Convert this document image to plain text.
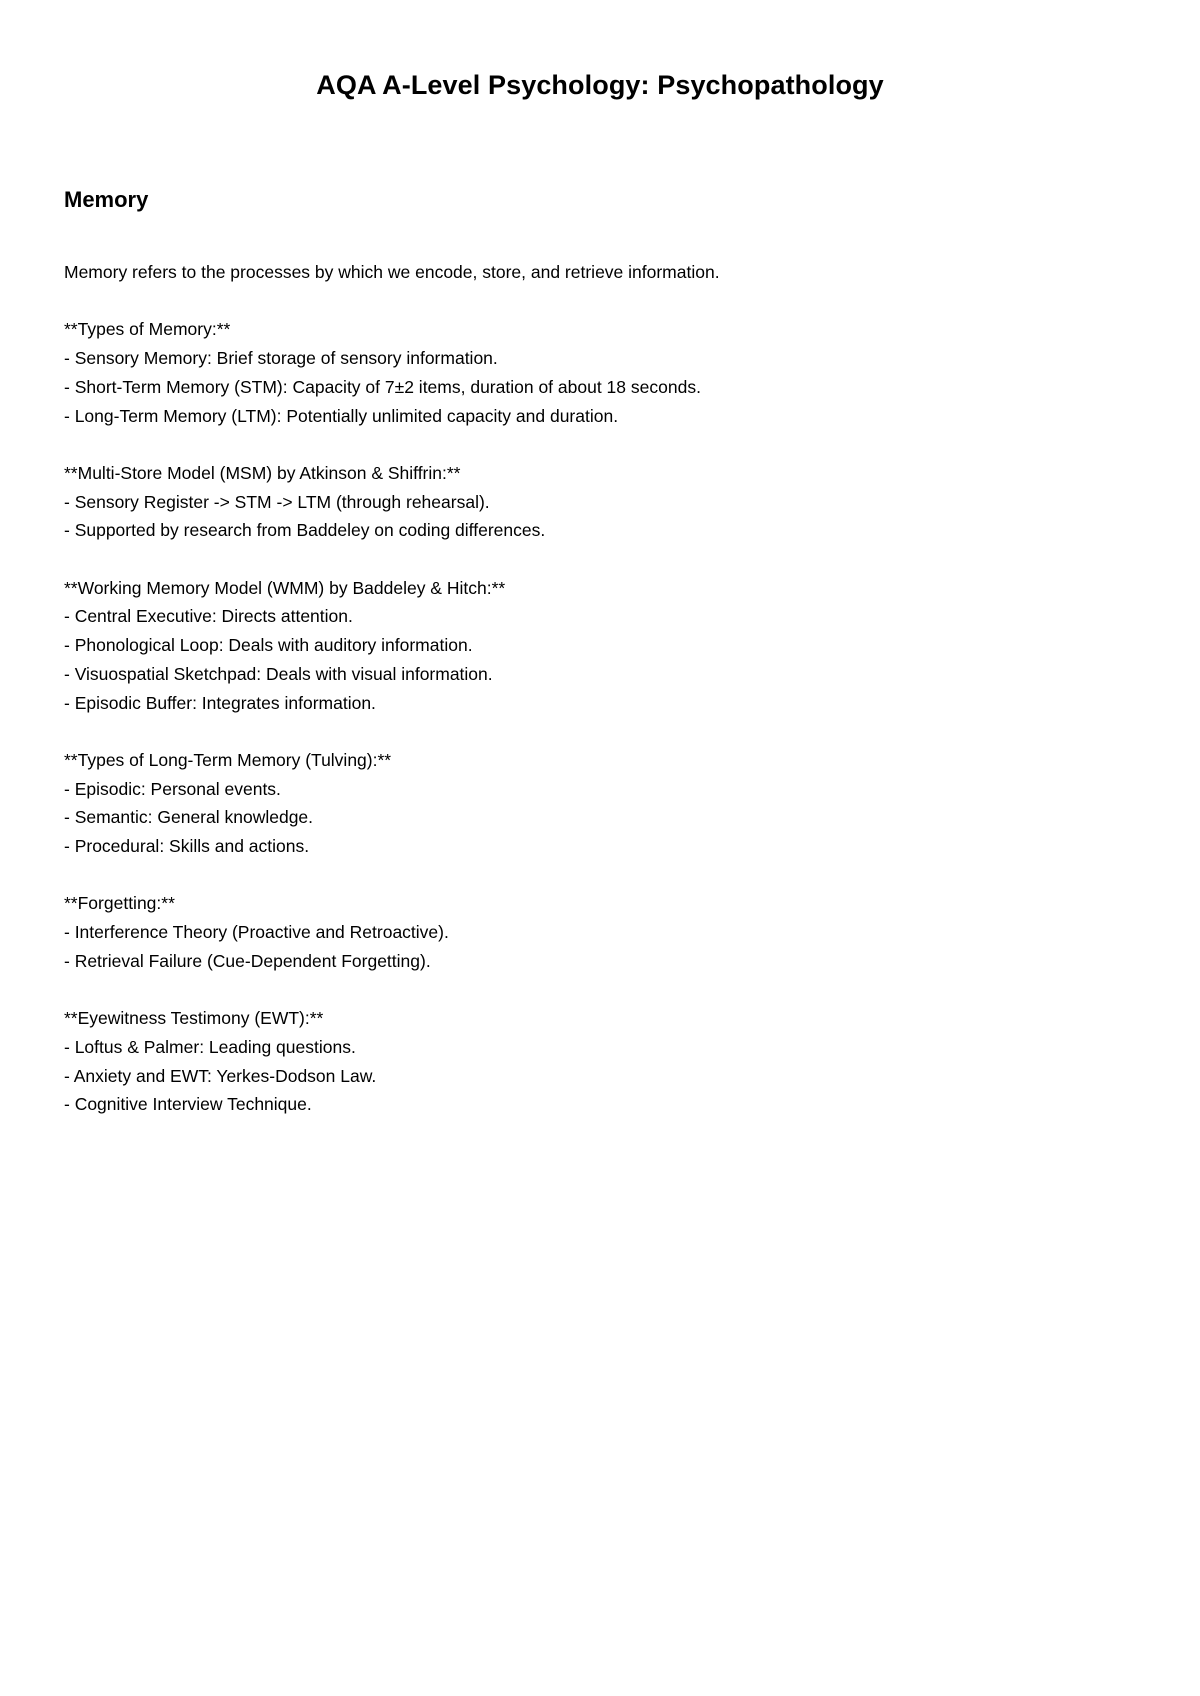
AQA A-Level Psychology: Psychopathology
Memory

Memory refers to the processes by which we encode, store, and retrieve information.

**Types of Memory:**
- Sensory Memory: Brief storage of sensory information.
- Short-Term Memory (STM): Capacity of 7±2 items, duration of about 18 seconds.
- Long-Term Memory (LTM): Potentially unlimited capacity and duration.
**Multi-Store Model (MSM) by Atkinson & Shiffrin:**
- Sensory Register -> STM -> LTM (through rehearsal).
- Supported by research from Baddeley on coding differences.
**Working Memory Model (WMM) by Baddeley & Hitch:**
- Central Executive: Directs attention.
- Phonological Loop: Deals with auditory information.
- Visuospatial Sketchpad: Deals with visual information.
- Episodic Buffer: Integrates information.
**Types of Long-Term Memory (Tulving):**
- Episodic: Personal events.
- Semantic: General knowledge.
- Procedural: Skills and actions.
**Forgetting:**
- Interference Theory (Proactive and Retroactive).
- Retrieval Failure (Cue-Dependent Forgetting).
**Eyewitness Testimony (EWT):**
- Loftus & Palmer: Leading questions.
- Anxiety and EWT: Yerkes-Dodson Law.
- Cognitive Interview Technique.
